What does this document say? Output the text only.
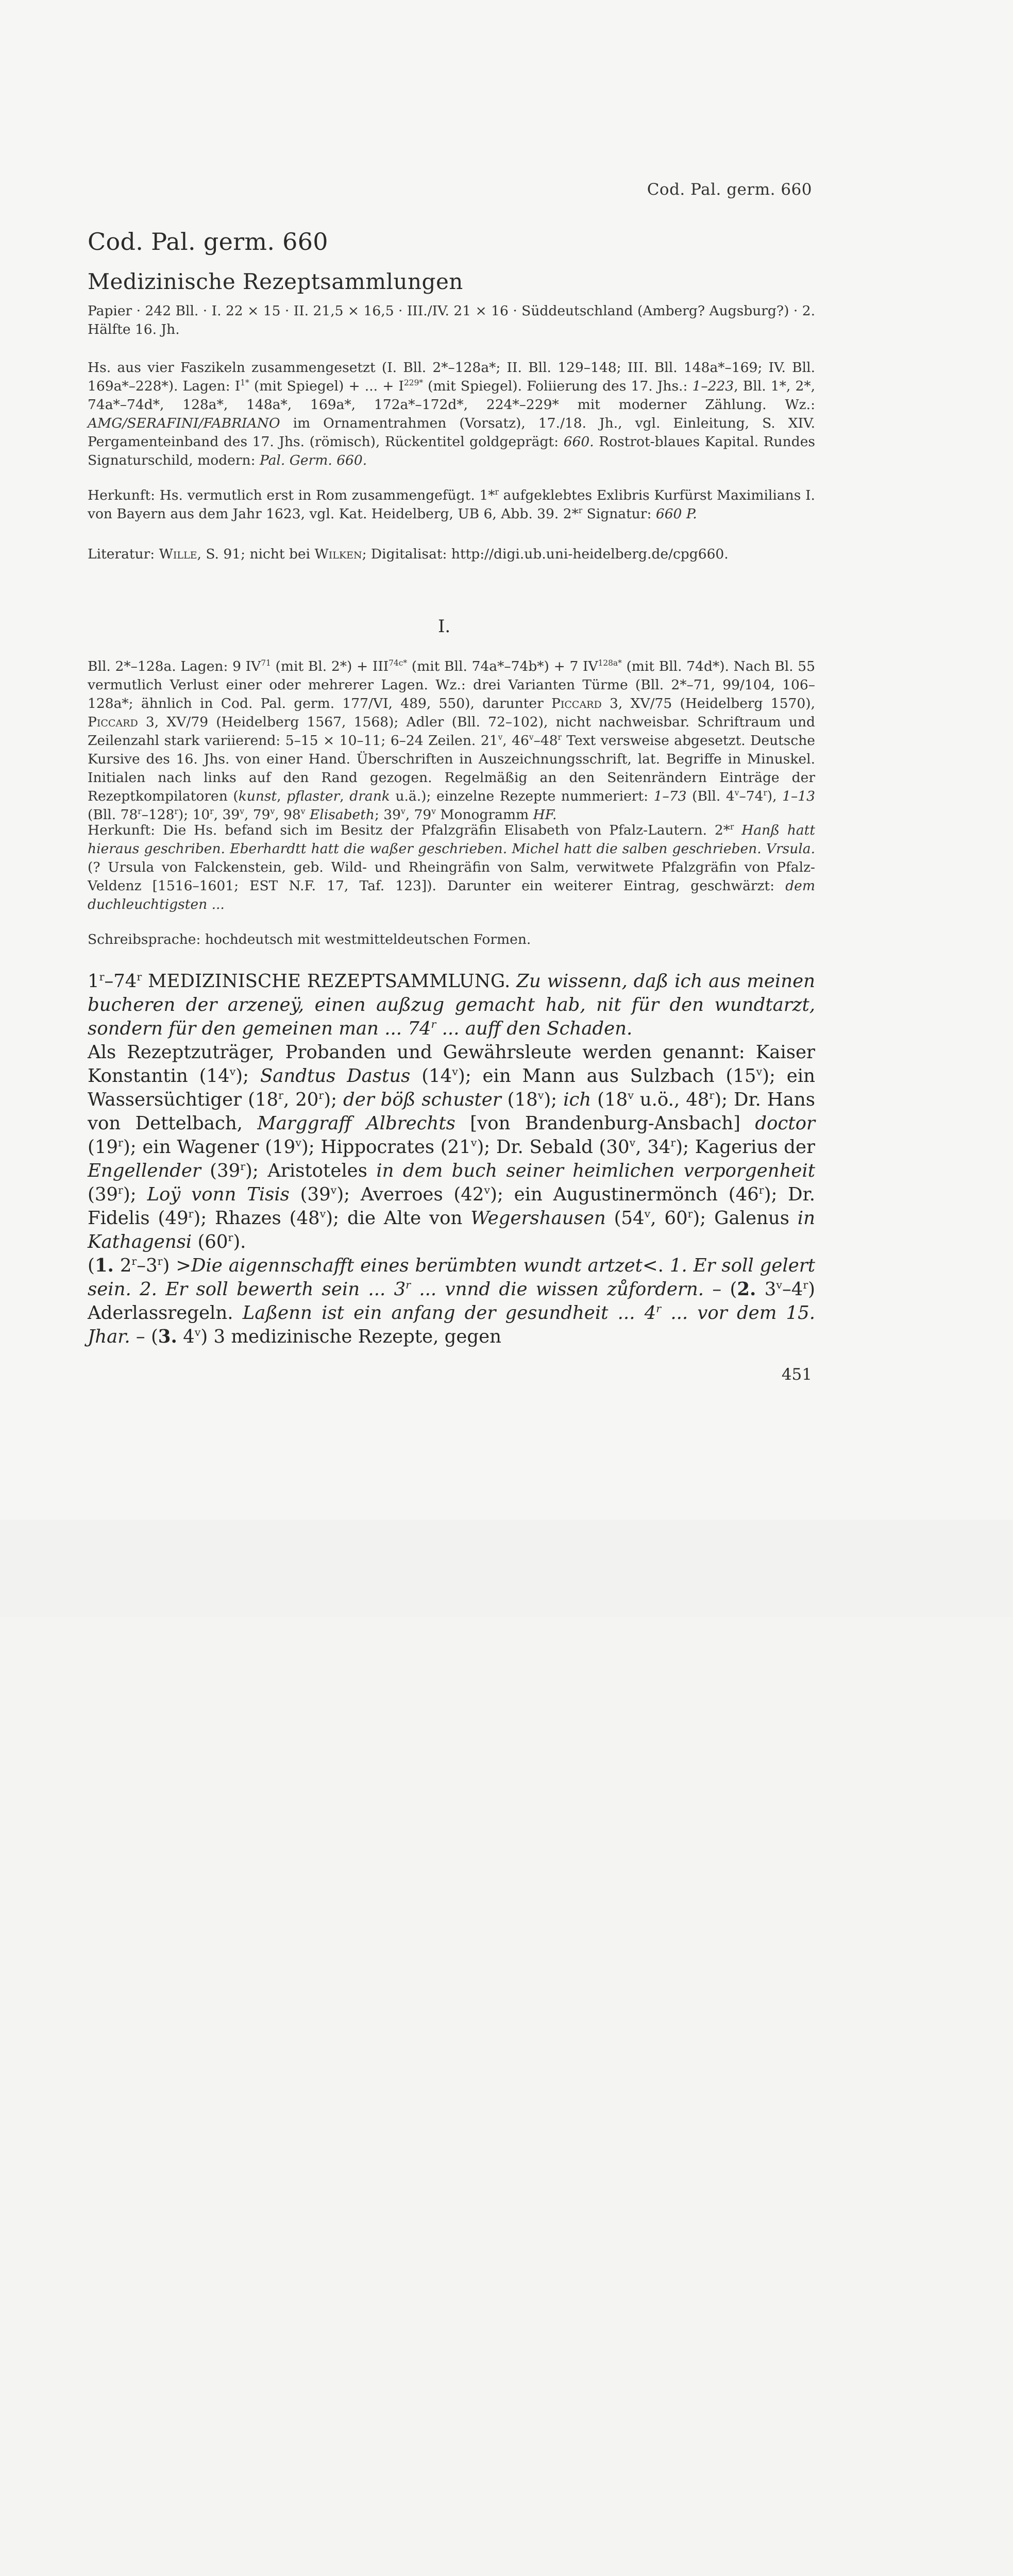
Cod. Pal. germ. 660
Cod. Pal. germ. 660
Medizinische Rezeptsammlungen
Papier · 242 Bll. · I. 22 × 15 · II. 21,5 × 16,5 · III./IV. 21 × 16 · Süddeutschland (Amberg? Augsburg?) · 2. Hälfte 16. Jh.
Hs. aus vier Faszikeln zusammengesetzt (I. Bll. 2*–128a*; II. Bll. 129–148; III. Bll. 148a*–169; IV. Bll. 169a*–228*). Lagen: $I^{1*}$ (mit Spiegel) + ... + $I^{229*}$ (mit Spiegel). Foliierung des 17. Jhs.: 1–223, Bll. 1*, 2*, 74a*–74d*, 128a*, 148a*, 169a*, 172a*–172d*, 224*–229* mit moderner Zählung. Wz.: AMG/SERAFINI/FABRIANO im Ornamentrahmen (Vorsatz), 17./18. Jh., vgl. Einleitung, S. XIV. Pergamenteinband des 17. Jhs. (römisch), Rückentitel goldgeprägt: 660. Rostrot-blaues Kapital. Rundes Signaturschild, modern: Pal. Germ. 660.
Herkunft: Hs. vermutlich erst in Rom zusammengefügt. 1*$^r$ aufgeklebtes Exlibris Kurfürst Maximilians I. von Bayern aus dem Jahr 1623, vgl. Kat. Heidelberg, UB 6, Abb. 39. 2*$^r$ Signatur: 660 P.
Literatur: Wille, S. 91; nicht bei Wilken; Digitalisat: http://digi.ub.uni-heidelberg.de/cpg660.
I.
Bll. 2*–128a. Lagen: 9 IV$^{71}$ (mit Bl. $2*) + III^{74c*}$ (mit Bll. 74a*–74b*) + 7 $IV^{128a*}$ (mit Bll. 74d*). Nach Bl. 55 vermutlich Verlust einer oder mehrerer Lagen. Wz.: drei Varianten Türme (Bll. 2*–71, 99/104, 106–128a*; ähnlich in Cod. Pal. germ. 177/VI, 489, 550), darunter Piccard 3, XV/75 (Heidelberg 1570), Piccard 3, XV/79 (Heidelberg 1567, 1568); Adler (Bll. 72–102), nicht nachweisbar. Schriftraum und Zeilenzahl stark variierend: 5–15 × 10–11; 6–24 Zeilen. 21$^v$, 46$^v$–48$^r$ Text versweise abgesetzt. Deutsche Kursive des 16. Jhs. von einer Hand. Überschriften in Auszeichnungsschrift, lat. Begriffe in Minuskel. Initialen nach links auf den Rand gezogen. Regelmäßig an den Seitenrändern Einträge der Rezeptkompilatoren (kunst, pflaster, drank u.ä.); einzelne Rezepte nummeriert: 1–73 (Bll. 4$^v$–74$^r$), 1–13 (Bll. 78$^r$–128$^r$); 10$^r$, 39$^v$, 79$^v$, 98$^v$ Elisabeth; 39$^v$, 79$^v$ Monogramm HF.
Herkunft: Die Hs. befand sich im Besitz der Pfalzgräfin Elisabeth von Pfalz-Lautern. 2*$^r$ Hanß hatt hieraus geschriben. Eberhardtt hatt die waßer geschrieben. Michel hatt die salben geschrieben. Vrsula. (? Ursula von Falckenstein, geb. Wild- und Rheingräfin von Salm, verwitwete Pfalzgräfin von Pfalz-Veldenz [1516–1601; EST N.F. 17, Taf. 123]). Darunter ein weiterer Eintrag, geschwärzt: dem duchleuchtigsten ...
Schreibsprache: hochdeutsch mit westmitteldeutschen Formen.
1$^r$–74$^r$ MEDIZINISCHE REZEPTSAMMLUNG. Zu wissenn, daß ich aus meinen bucheren der arzeneÿ, einen außzug gemacht hab, nit für den wundtarzt, sondern für den gemeinen man ... 74$^r$ ... auff den Schaden.
Als Rezeptzuträger, Probanden und Gewährsleute werden genannt: Kaiser Konstantin (14$^v$); Sandtus Dastus (14$^v$); ein Mann aus Sulzbach (15$^v$); ein Wassersüchtiger (18$^r$, 20$^r$); der böß schuster (18$^v$); ich (18$^v$ u.ö., 48$^r$); Dr. Hans von Dettelbach, Marggraff Albrechts [von Brandenburg-Ansbach] doctor (19$^r$); ein Wagener (19$^v$); Hippocrates (21$^v$); Dr. Sebald (30$^v$, 34$^r$); Kagerius der Engellender (39$^r$); Aristoteles in dem buch seiner heimlichen verporgenheit (39$^r$); Loÿ vonn Tisis (39$^v$); Averroes (42$^v$); ein Augustinermönch (46$^r$); Dr. Fidelis (49$^r$); Rhazes (48$^v$); die Alte von Wegershausen (54$^v$, 60$^r$); Galenus in Kathagensi (60$^r$).
(1. $2^r-3^r) >Die$ aigennschafft eines berümbten wundt artzet<. 1. Er soll gelert sein. 2. Er soll bewerth sein ... 3$^r$ ... vnnd die wissen zůfordern. – (2. 3$^v$–4$^r$) Aderlassregeln. Laßenn ist ein anfang der gesundheit ... 4$^r$ ... vor dem 15. Jhar. – (3. 4$^v$) 3 medizinische Rezepte, gegen
451
